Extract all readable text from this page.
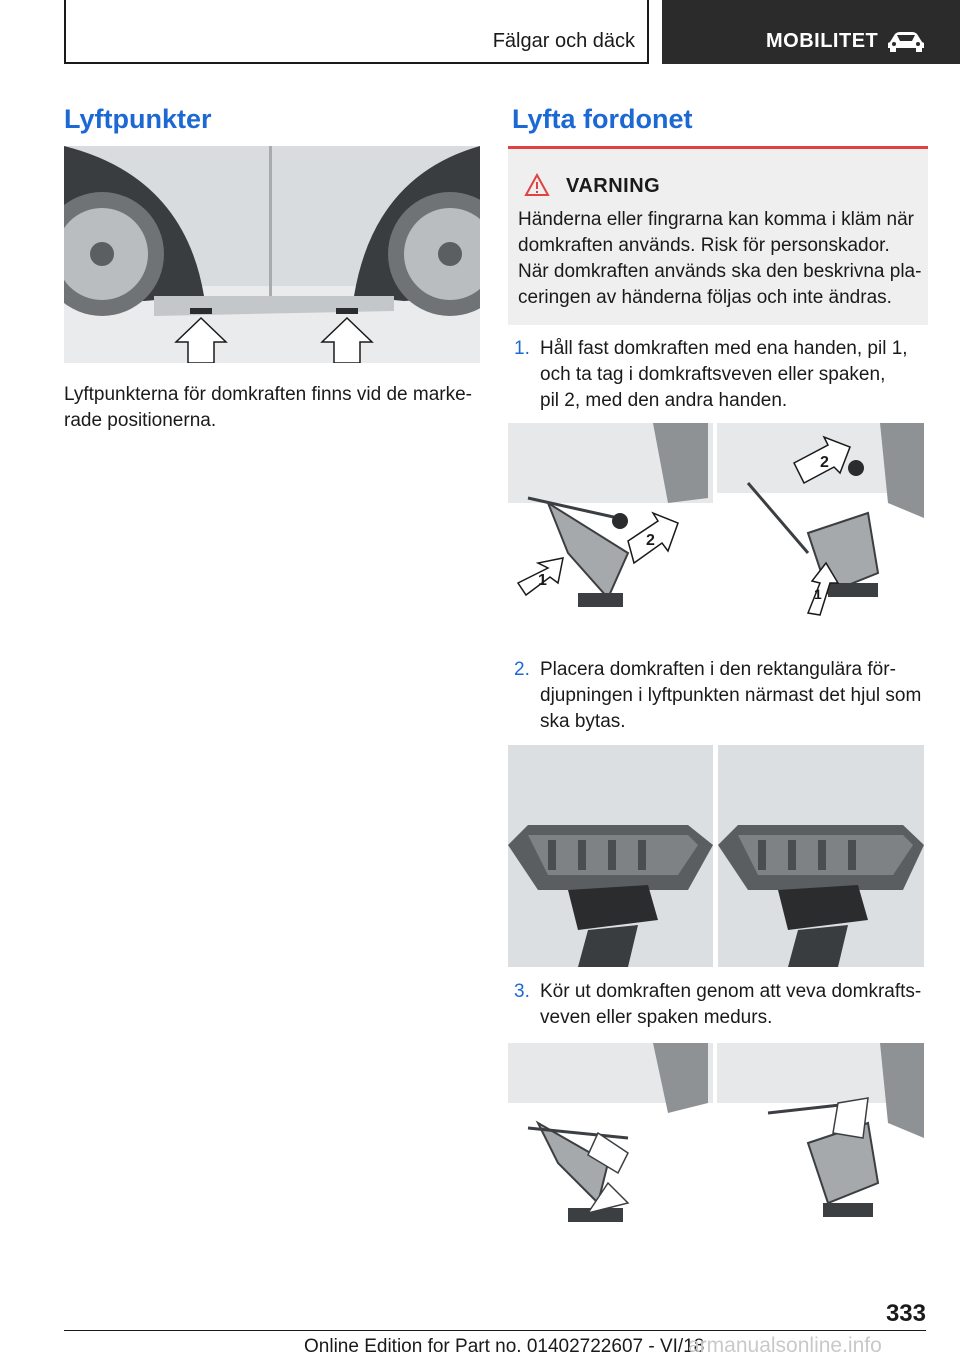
Fälgar och däck	MOBILITET
Lyftpunkter

Lyftpunkterna för domkraften finns vid de marke-
rade positionerna.

Lyfta fordonet
VARNING
Händerna eller fingrarna kan komma i kläm när
domkraften används. Risk för personskador.
När domkraften används ska den beskrivna pla-
ceringen av händerna följas och inte ändras.
1. Håll fast domkraften med ena handen, pil 1,
och ta tag i domkraftsveven eller spaken,
pil 2, med den andra handen.
1
2
2
1
2. Placera domkraften i den rektangulära för-
djupningen i lyftpunkten närmast det hjul som
ska bytas.
3. Kör ut domkraften genom att veva domkrafts-
veven eller spaken medurs.
333
Online Edition for Part no. 01402722607 - VI/18
armanualsonline.info
